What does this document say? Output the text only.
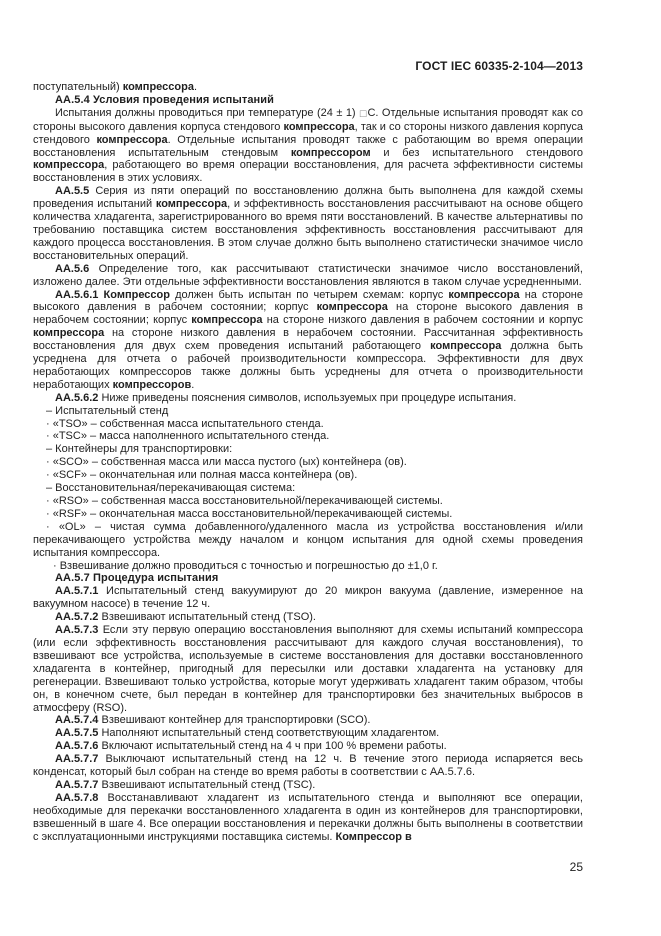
ГОСТ IEC 60335-2-104—2013

поступательный) компрессора.

АА.5.4 Условия проведения испытаний

Испытания должны проводиться при температуре (24 ± 1) □С. Отдельные испытания проводят как со стороны высокого давления корпуса стендового компрессора, так и со стороны низкого давления корпуса стендового компрессора. Отдельные испытания проводят также с работающим во время операции восстановления испытательным стендовым компрессором и без испытательного стендового компрессора, работающего во время операции восстановления, для расчета эффективности системы восстановления в этих условиях.

АА.5.5 Серия из пяти операций по восстановлению должна быть выполнена для каждой схемы проведения испытаний компрессора, и эффективность восстановления рассчитывают на основе общего количества хладагента, зарегистрированного во время пяти восстановлений. В качестве альтернативы по требованию поставщика систем восстановления эффективность восстановления рассчитывают для каждого процесса восстановления. В этом случае должно быть выполнено статистически значимое число восстановительных операций.

АА.5.6 Определение того, как рассчитывают статистически значимое число восстановлений, изложено далее. Эти отдельные эффективности восстановления являются в таком случае усредненными.

АА.5.6.1 Компрессор должен быть испытан по четырем схемам: корпус компрессора на стороне высокого давления в рабочем состоянии; корпус компрессора на стороне высокого давления в нерабочем состоянии; корпус компрессора на стороне низкого давления в рабочем состоянии и корпус компрессора на стороне низкого давления в нерабочем состоянии. Рассчитанная эффективность восстановления для двух схем проведения испытаний работающего компрессора должна быть усреднена для отчета о рабочей производительности компрессора. Эффективности для двух неработающих компрессоров также должны быть усреднены для отчета о производительности неработающих компрессоров.

АА.5.6.2 Ниже приведены пояснения символов, используемых при процедуре испытания.

– Испытательный стенд

· «TSO» – собственная масса испытательного стенда.

· «TSC» – масса наполненного испытательного стенда.

– Контейнеры для транспортировки:

· «SCO» – собственная масса или масса пустого (ых) контейнера (ов).

· «SCF» – окончательная или полная масса контейнера (ов).

– Восстановительная/перекачивающая система:

· «RSO» – собственная масса восстановительной/перекачивающей системы.

· «RSF» – окончательная масса восстановительной/перекачивающей системы.

· «OL» – чистая сумма добавленного/удаленного масла из устройства восстановления и/или перекачивающего устройства между началом и концом испытания для одной схемы проведения испытания компрессора.

· Взвешивание должно проводиться с точностью и погрешностью до ±1,0 г.

АА.5.7 Процедура испытания

АА.5.7.1 Испытательный стенд вакуумируют до 20 микрон вакуума (давление, измеренное на вакуумном насосе) в течение 12 ч.

АА.5.7.2 Взвешивают испытательный стенд (TSO).

АА.5.7.3 Если эту первую операцию восстановления выполняют для схемы испытаний компрессора (или если эффективность восстановления рассчитывают для каждого случая восстановления), то взвешивают все устройства, используемые в системе восстановления для доставки восстановленного хладагента в контейнер, пригодный для пересылки или доставки хладагента на установку для регенерации. Взвешивают только устройства, которые могут удерживать хладагент таким образом, чтобы он, в конечном счете, был передан в контейнер для транспортировки без значительных выбросов в атмосферу (RSO).

АА.5.7.4 Взвешивают контейнер для транспортировки (SCO).

АА.5.7.5 Наполняют испытательный стенд соответствующим хладагентом.

АА.5.7.6 Включают испытательный стенд на 4 ч при 100 % времени работы.

АА.5.7.7 Выключают испытательный стенд на 12 ч. В течение этого периода испаряется весь конденсат, который был собран на стенде во время работы в соответствии с АА.5.7.6.

АА.5.7.7 Взвешивают испытательный стенд (TSC).

АА.5.7.8 Восстанавливают хладагент из испытательного стенда и выполняют все операции, необходимые для перекачки восстановленного хладагента в один из контейнеров для транспортировки, взвешенный в шаге 4. Все операции восстановления и перекачки должны быть выполнены в соответствии с эксплуатационными инструкциями поставщика системы. Компрессор в

25
